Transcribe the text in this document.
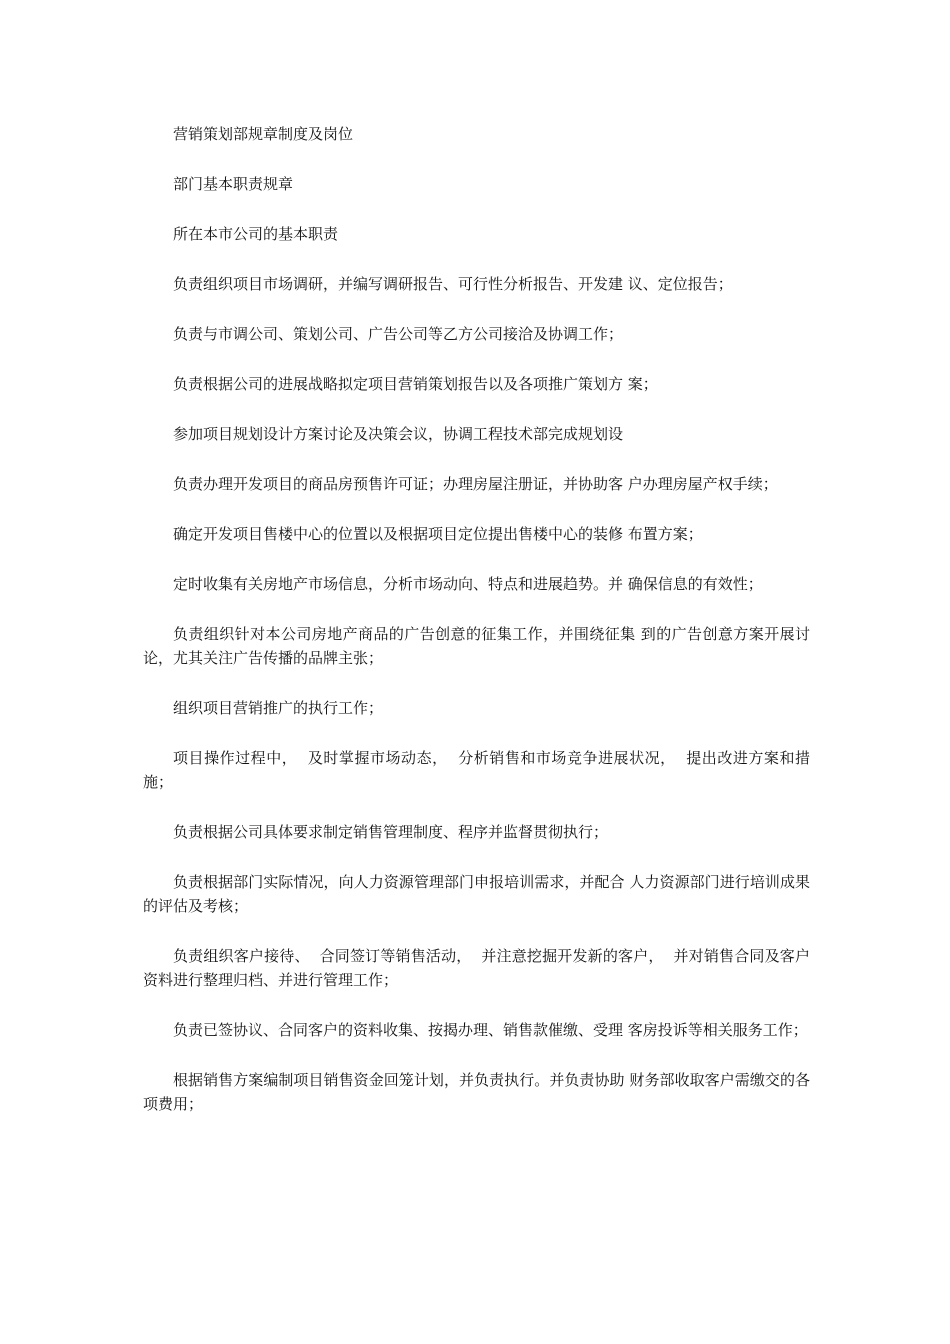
营销策划部规章制度及岗位

部门基本职责规章

所在本市公司的基本职责

负责组织项目市场调研，并编写调研报告、可行性分析报告、开发建 议、定位报告；

负责与市调公司、策划公司、广告公司等乙方公司接洽及协调工作；

负责根据公司的进展战略拟定项目营销策划报告以及各项推广策划方 案；

参加项目规划设计方案讨论及决策会议，协调工程技术部完成规划设

负责办理开发项目的商品房预售许可证；办理房屋注册证，并协助客 户办理房屋产权手续；

确定开发项目售楼中心的位置以及根据项目定位提出售楼中心的装修 布置方案；

定时收集有关房地产市场信息，分析市场动向、特点和进展趋势。并 确保信息的有效性；

负责组织针对本公司房地产商品的广告创意的征集工作，并围绕征集 到的广告创意方案开展讨论，尤其关注广告传播的品牌主张；

组织项目营销推广的执行工作；

项目操作过程中，  及时掌握市场动态，  分析销售和市场竞争进展状况，  提出改进方案和措施；

负责根据公司具体要求制定销售管理制度、程序并监督贯彻执行；

负责根据部门实际情况，向人力资源管理部门申报培训需求，并配合 人力资源部门进行培训成果的评估及考核；

负责组织客户接待、  合同签订等销售活动，  并注意挖掘开发新的客户，  并对销售合同及客户资料进行整理归档、并进行管理工作；

负责已签协议、合同客户的资料收集、按揭办理、销售款催缴、受理 客房投诉等相关服务工作；

根据销售方案编制项目销售资金回笼计划，并负责执行。并负责协助 财务部收取客户需缴交的各项费用；
